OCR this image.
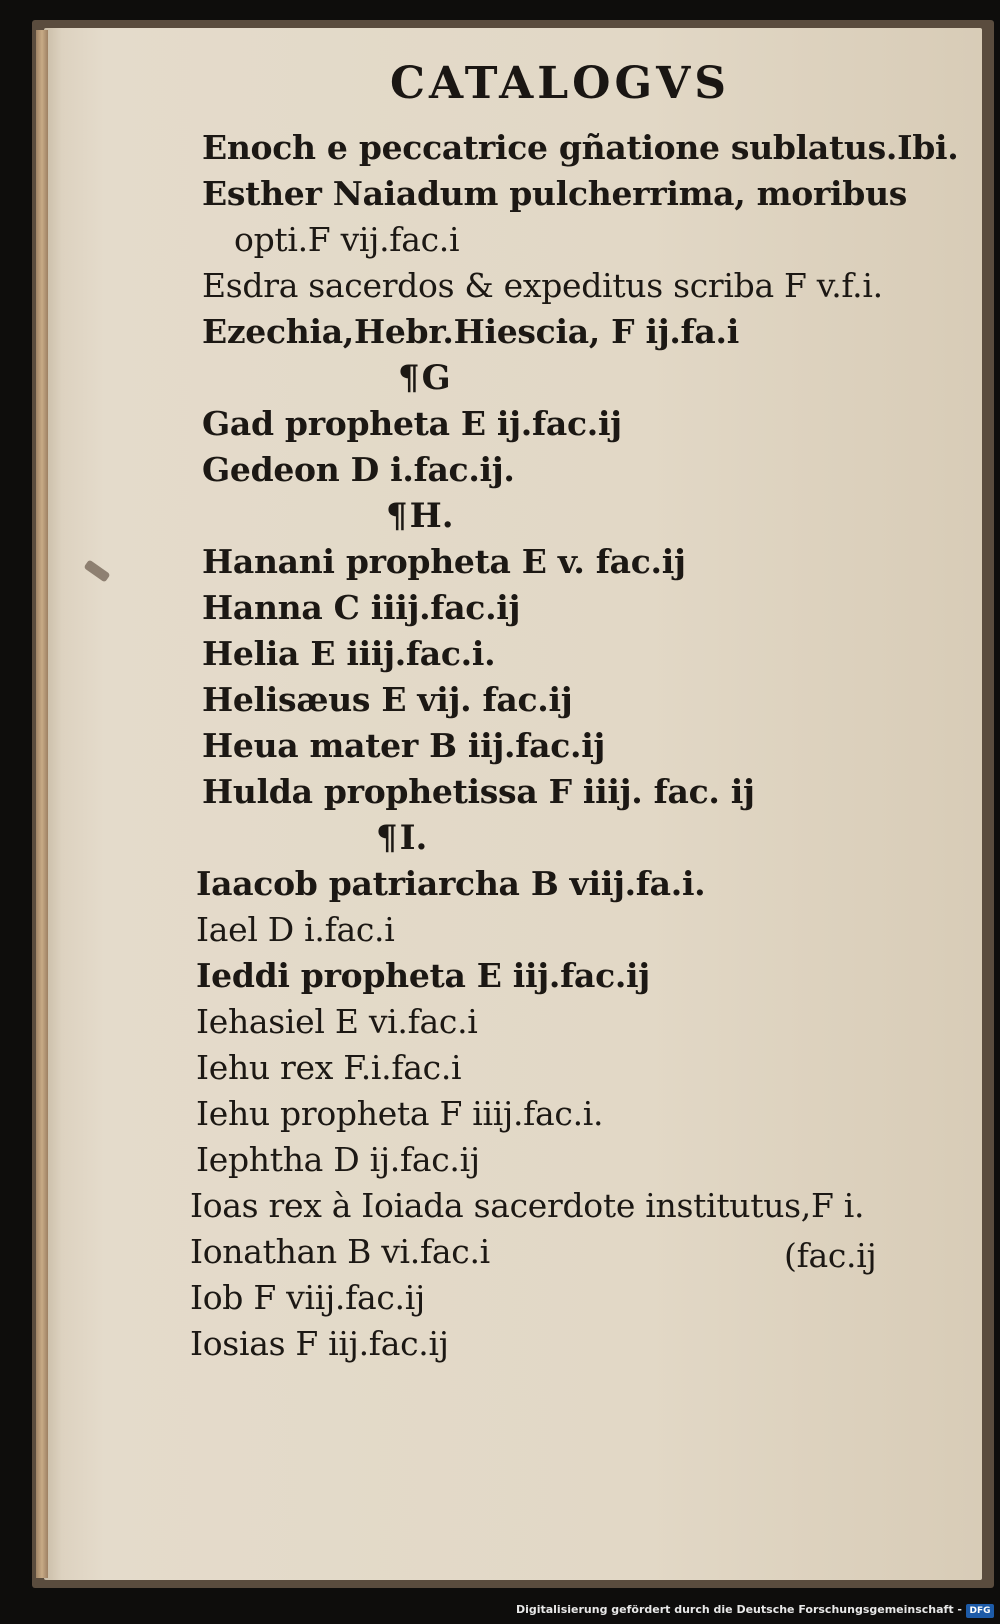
CATALOGVS
Enoch e peccatrice gñatione sublatus.Ibi.
Esther Naiadum pulcherrima, moribus
opti.F vij.fac.i
Esdra sacerdos & expeditus scriba F v.f.i.
Ezechia,Hebr.Hiescia, F ij.fa.i
¶G
Gad propheta E ij.fac.ij
Gedeon D i.fac.ij.
¶H.
Hanani propheta E v. fac.ij
Hanna C iiij.fac.ij
Helia E iiij.fac.i.
Helisæus E vij. fac.ij
Heua mater B iij.fac.ij
Hulda prophetissa F iiij. fac. ij
¶I.
Iaacob patriarcha B viij.fa.i.
Iael D i.fac.i
Ieddi propheta E iij.fac.ij
Iehasiel E vi.fac.i
Iehu rex F.i.fac.i
Iehu propheta F iiij.fac.i.
Iephtha D ij.fac.ij
Ioas rex à Ioiada sacerdote institutus,F i.
Ionathan B vi.fac.i	(fac.ij
Iob F viij.fac.ij
Iosias F iij.fac.ij
Digitalisierung gefördert durch die Deutsche Forschungsgemeinschaft - DFG
